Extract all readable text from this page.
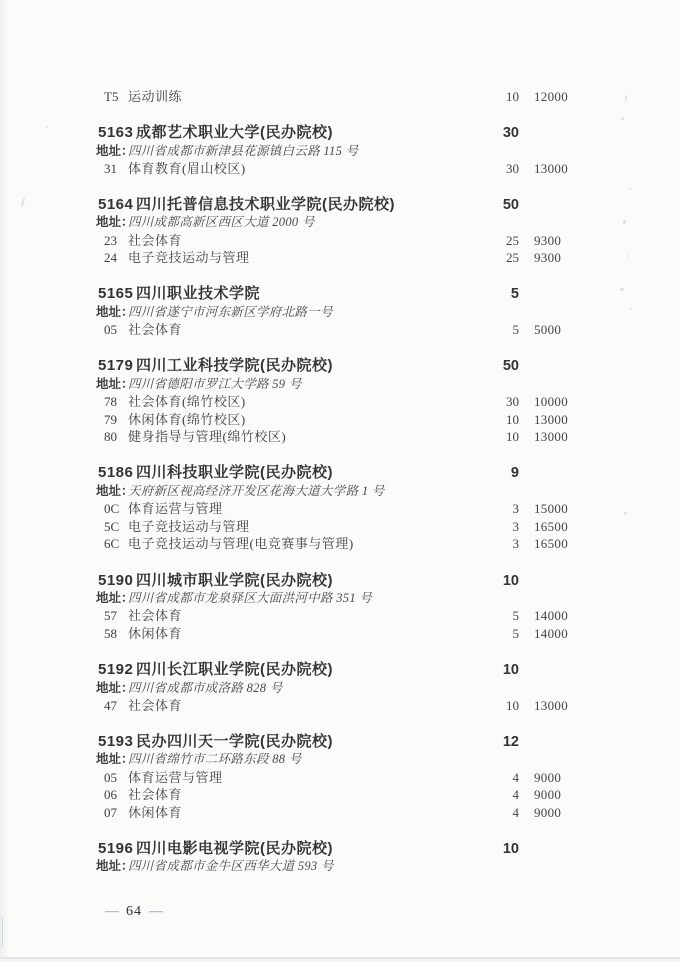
T5 运动训练	10 12000
5163 成都艺术职业大学(民办院校)	30
地址：
四川省成都市新津县花源镇白云路 115 号
31 体育教育(眉山校区)	30 13000
5164 四川托普信息技术职业学院(民办院校)	50
地址：
四川成都高新区西区大道 2000 号
23 社会体育	25 9300
24 电子竞技运动与管理	25 9300
5165 四川职业技术学院	5
地址：
四川省遂宁市河东新区学府北路一号
05 社会体育	5 5000
5179 四川工业科技学院(民办院校)	50
地址：
四川省德阳市罗江大学路 59 号
78 社会体育(绵竹校区)	30 10000
79 休闲体育(绵竹校区)	10 13000
80 健身指导与管理(绵竹校区)	10 13000
5186 四川科技职业学院(民办院校)	9
地址：
天府新区视高经济开发区花海大道大学路 1 号
0C 体育运营与管理	3 15000
5C 电子竞技运动与管理	3 16500
6C 电子竞技运动与管理(电竞赛事与管理)	3 16500
5190 四川城市职业学院(民办院校)	10
地址：
四川省成都市龙泉驿区大面洪河中路 351 号
57 社会体育	5 14000
58 休闲体育	5 14000
5192 四川长江职业学院(民办院校)	10
地址：
四川省成都市成洛路 828 号
47 社会体育	10 13000
5193 民办四川天一学院(民办院校)	12
地址：
四川省绵竹市二环路东段 88 号
05 体育运营与管理	4 9000
06 社会体育	4 9000
07 休闲体育	4 9000
5196 四川电影电视学院(民办院校)	10
地址：
四川省成都市金牛区西华大道 593 号
— 64 —
